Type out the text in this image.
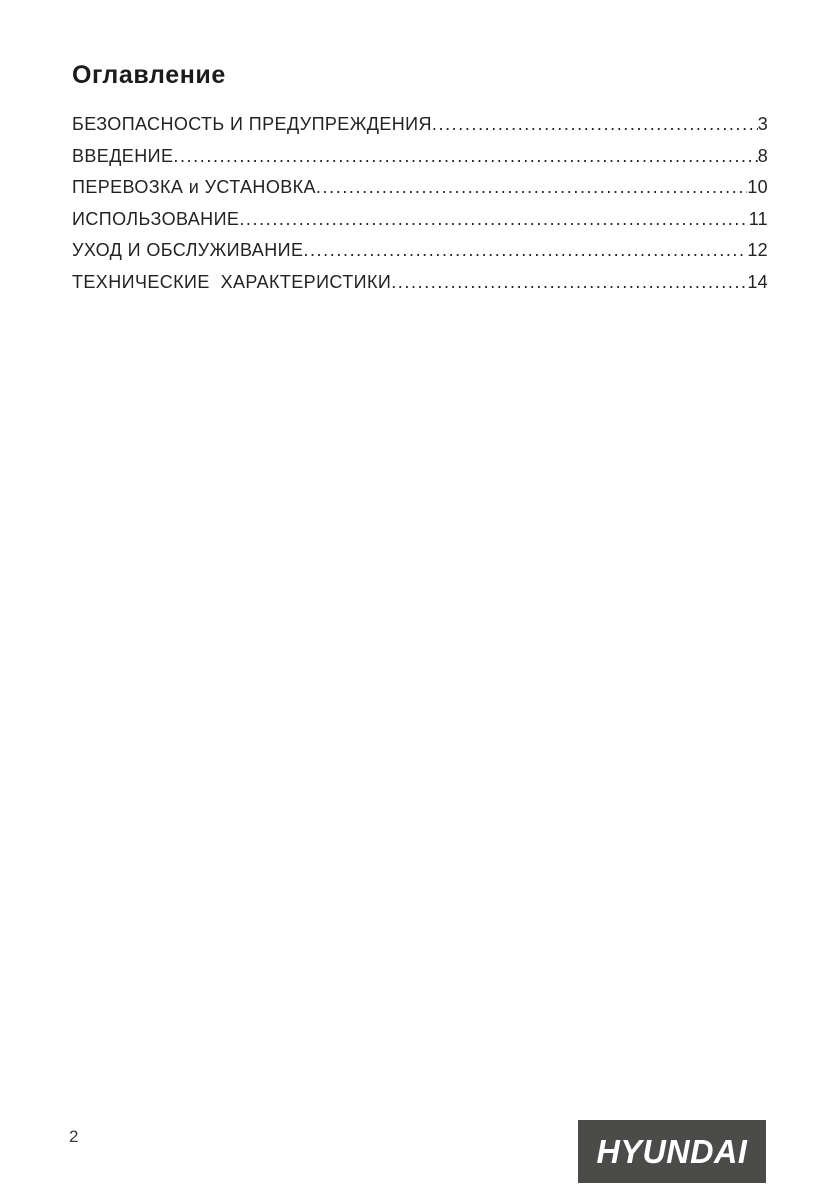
Оглавление
БЕЗОПАСНОСТЬ И ПРЕДУПРЕЖДЕНИЯ .....	3
ВВЕДЕНИЕ .....	8
ПЕРЕВОЗКА и УСТАНОВКА .....	10
ИСПОЛЬЗОВАНИЕ .....	11
УХОД И ОБСЛУЖИВАНИЕ .....	12
ТЕХНИЧЕСКИЕ  ХАРАКТЕРИСТИКИ .....	14
2	HYUNDAI
